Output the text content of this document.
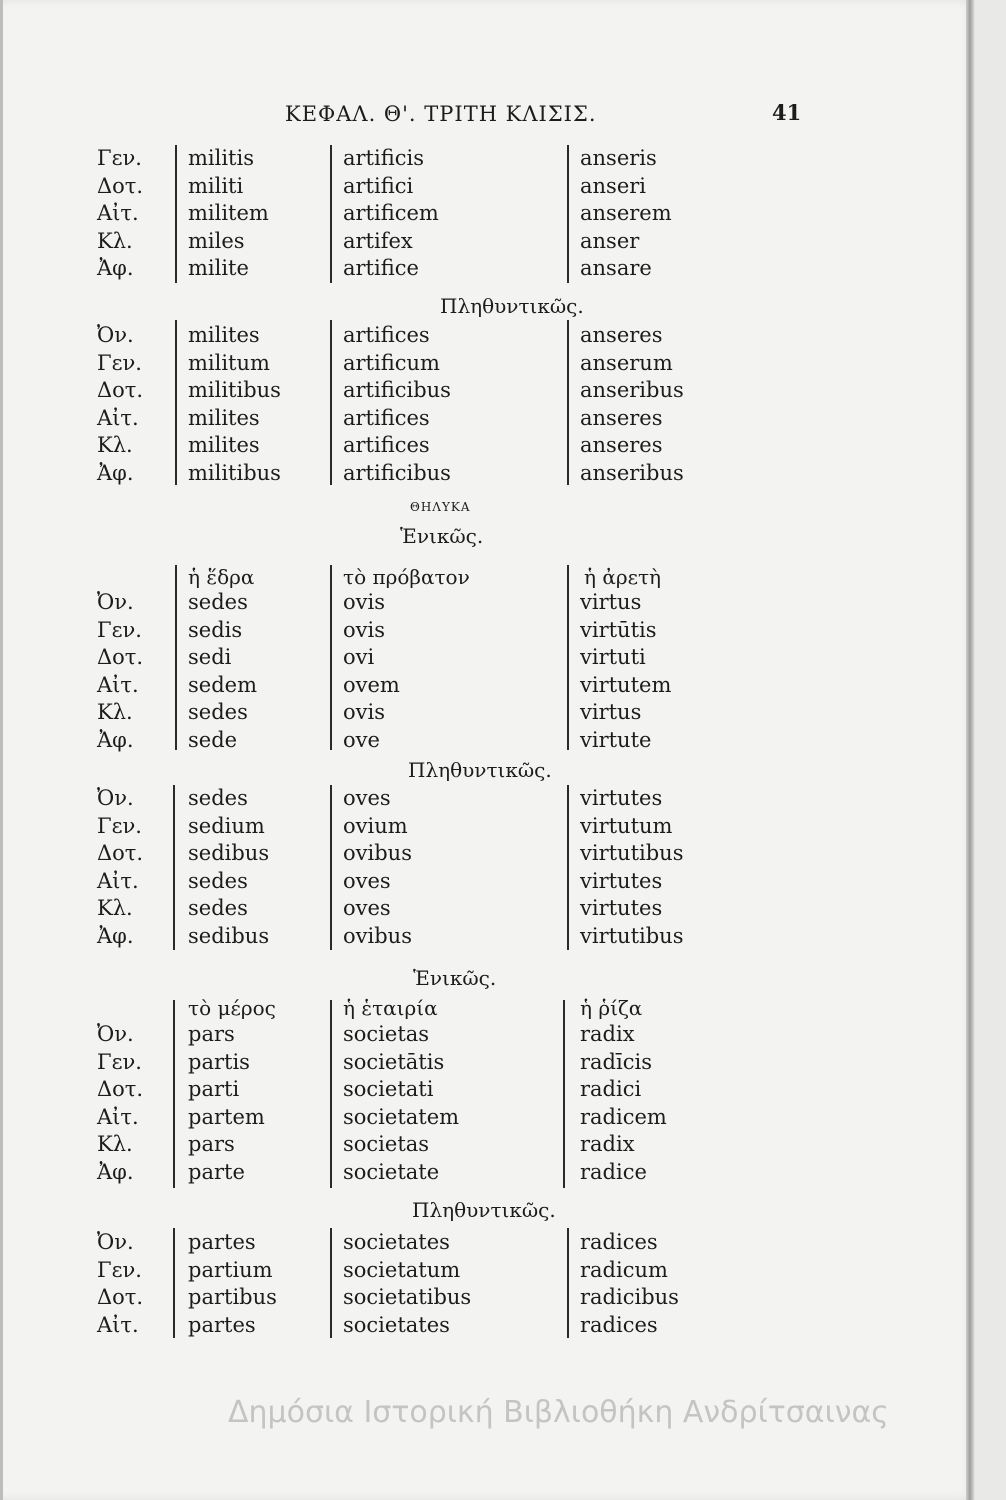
ΚΕΦΑΛ. Θ'. ΤΡΙΤΗ ΚΛΙΣΙΣ.	41
Πληθυντικῶς.
ΘΗΛΥΚΑ
Ἑνικῶς.
Πληθυντικῶς.
Ἑνικῶς.
Πληθυντικῶς.
ἡ ἕδρα	τὸ πρόβατον	ἡ ἀρετὴ
τὸ μέρος	ἡ ἑταιρία	ἡ ῥίζα
Γεν. militis	artificis	anseris
Δοτ. militi	artifici	anseri
Αἰτ. militem	artificem	anserem
Κλ.	miles	artifex	anser
Ἀφ.	milite	artifice	ansare
Ὀν.	milites	artifices	anseres
Γεν. militum	artificum	anserum
Δοτ. militibus	artificibus	anseribus
Αἰτ. milites	artifices	anseres
Κλ.	milites	artifices	anseres
Ἀφ.	militibus	artificibus	anseribus
Ὀν.	sedes	ovis	virtus
Γεν. sedis	ovis	virtūtis
Δοτ. sedi	ovi	virtuti
Αἰτ. sedem	ovem	virtutem
Κλ.	sedes	ovis	virtus
Ἀφ.	sede	ove	virtute
Ὀν.	sedes	oves	virtutes
Γεν. sedium	ovium	virtutum
Δοτ. sedibus	ovibus	virtutibus
Αἰτ. sedes	oves	virtutes
Κλ.	sedes	oves	virtutes
Ἀφ.	sedibus	ovibus	virtutibus
Ὀν.	pars	societas	radix
Γεν. partis	societātis	radīcis
Δοτ. parti	societati	radici
Αἰτ. partem	societatem	radicem
Κλ.	pars	societas	radix
Ἀφ.	parte	societate	radice
Ὀν.	partes	societates	radices
Γεν. partium	societatum	radicum
Δοτ. partibus	societatibus	radicibus
Αἰτ. partes	societates	radices
Δημόσια Ιστορική Βιβλιοθήκη Ανδρίτσαινας
